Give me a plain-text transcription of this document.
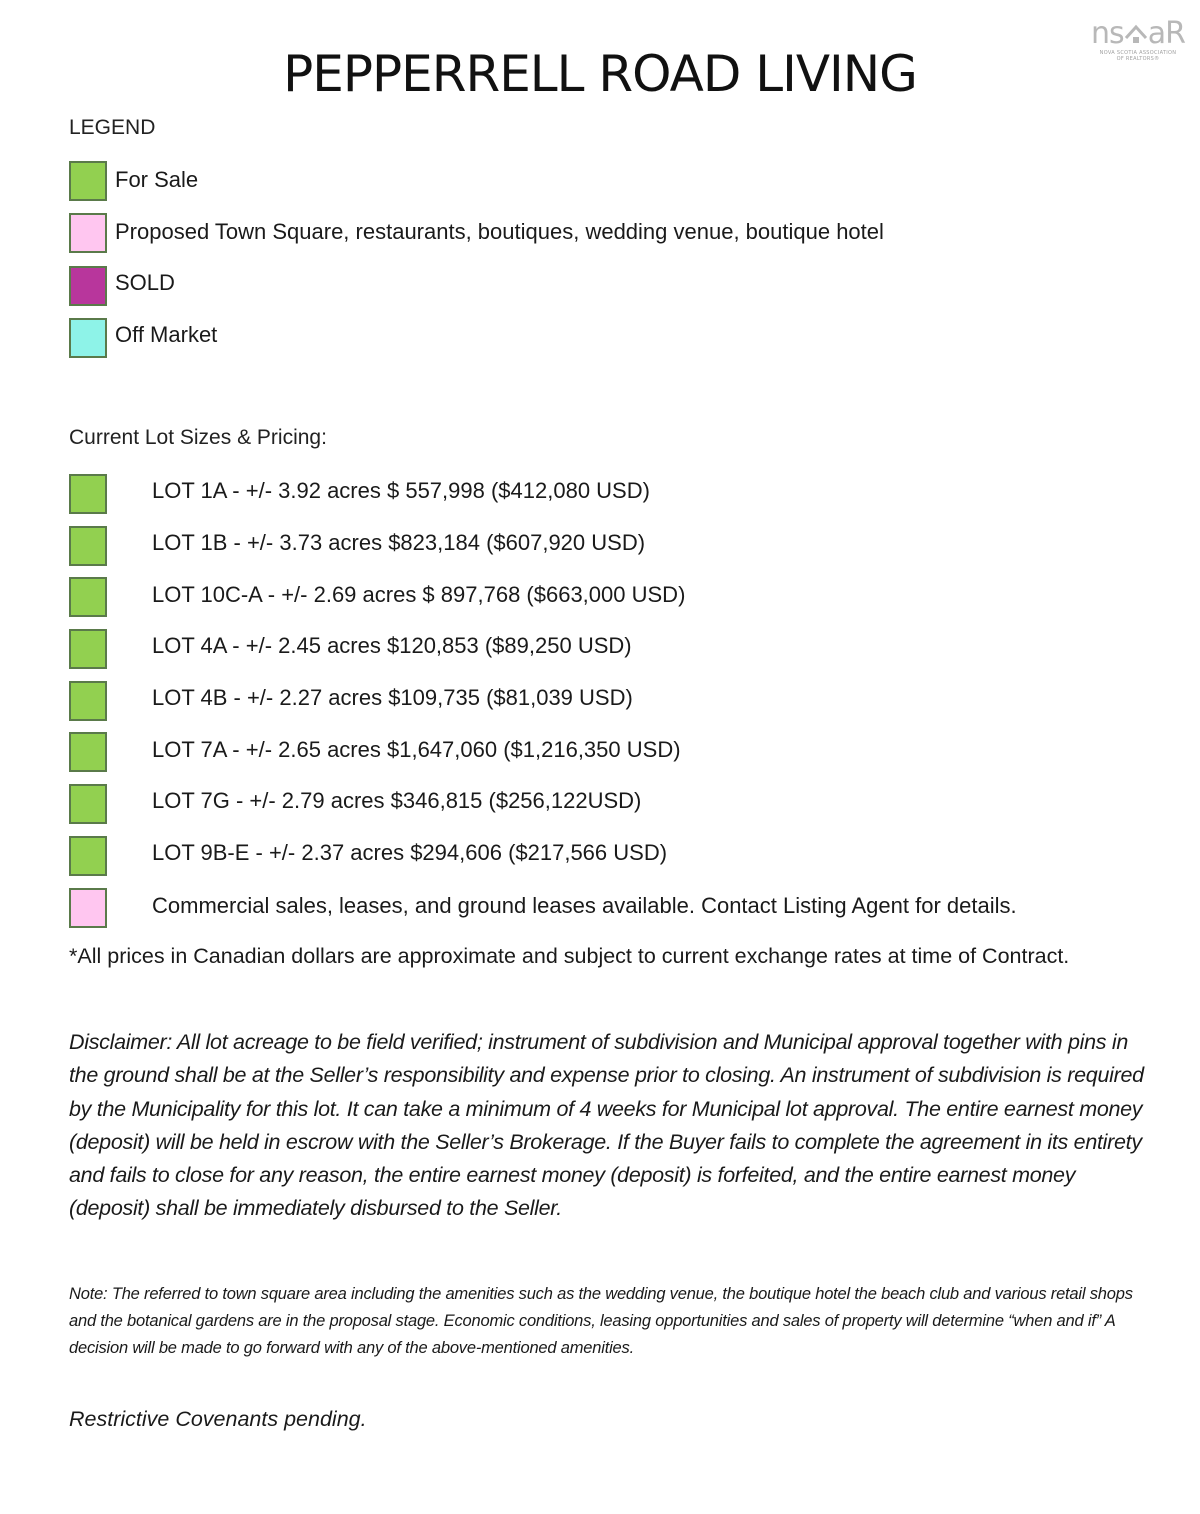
ns aR
NOVA SCOTIA ASSOCIATION
OF REALTORS®
PEPPERRELL ROAD LIVING
LEGEND
For Sale
Proposed Town Square, restaurants, boutiques, wedding venue, boutique hotel
SOLD
Off Market
Current Lot Sizes & Pricing:
LOT 1A - +/- 3.92 acres $ 557,998 ($412,080 USD)
LOT 1B - +/- 3.73 acres $823,184 ($607,920 USD)
LOT 10C-A - +/- 2.69 acres $ 897,768 ($663,000 USD)
LOT 4A - +/- 2.45 acres $120,853 ($89,250 USD)
LOT 4B - +/- 2.27 acres $109,735 ($81,039 USD)
LOT 7A - +/- 2.65 acres $1,647,060 ($1,216,350 USD)
LOT 7G - +/- 2.79 acres $346,815 ($256,122USD)
LOT 9B-E - +/- 2.37 acres $294,606 ($217,566 USD)
Commercial sales, leases, and ground leases available. Contact Listing Agent for details.
*All prices in Canadian dollars are approximate and subject to current exchange rates at time of Contract.
Disclaimer: All lot acreage to be field verified; instrument of subdivision and Municipal approval together with pins in the ground shall be at the Seller’s responsibility and expense prior to closing. An instrument of subdivision is required by the Municipality for this lot. It can take a minimum of 4 weeks for Municipal lot approval. The entire earnest money (deposit) will be held in escrow with the Seller’s Brokerage. If the Buyer fails to complete the agreement in its entirety and fails to close for any reason, the entire earnest money (deposit) is forfeited, and the entire earnest money (deposit) shall be immediately disbursed to the Seller.
Note: The referred to town square area including the amenities such as the wedding venue, the boutique hotel the beach club and various retail shops and the botanical gardens are in the proposal stage. Economic conditions, leasing opportunities and sales of property will determine “when and if” A decision will be made to go forward with any of the above-mentioned amenities.
Restrictive Covenants pending.
